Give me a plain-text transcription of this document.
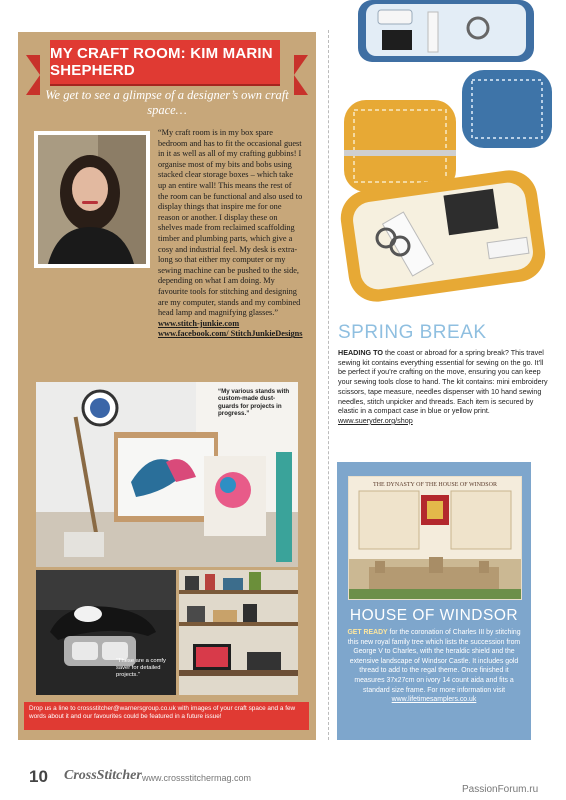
MY CRAFT ROOM: KIM MARIN SHEPHERD
We get to see a glimpse of a designer’s own craft space…
“My craft room is in my box spare bedroom and has to fit the occasional guest in it as well as all of my crafting gubbins! I organise most of my bits and bobs using stacked clear storage boxes – which take up an entire wall! This means the rest of the room can be functional and also used to display things that inspire me for one reason or another. I display these on shelves made from reclaimed scaffolding timber and plumbing parts, which give a cosy and industrial feel. My desk is extra-long so that either my computer or my sewing machine can be pushed to the side, depending on what I am doing. My favourite tools for stitching and designing are my computer, stands and my combined head lamp and magnifying glasses.”
www.stitch-junkie.com
www.facebook.com/ StitchJunkieDesigns
“My various stands with custom-made dust-guards for projects in progress.”
“These are a comfy saver for detailed projects.”
Drop us a line to crossstitcher@warnersgroup.co.uk with images of your craft space and a few words about it and our favourites could be featured in a future issue!
SPRING BREAK
HEADING TO the coast or abroad for a spring break? This travel sewing kit contains everything essential for sewing on the go. It’ll be perfect if you’re crafting on the move, ensuring you can keep your sewing tools close to hand. The kit contains: mini embroidery scissors, tape measure, needles dispenser with 10 hand sewing needles, stitch unpicker and threads. Each item is secured by elastic in a compact case in blue or yellow print.
www.sueryder.org/shop
THE DYNASTY OF THE HOUSE OF WINDSOR
HOUSE OF WINDSOR
GET READY for the coronation of Charles III by stitching this new royal family tree which lists the succession from George V to Charles, with the heraldic shield and the extensive landscape of Windsor Castle. It includes gold thread to add to the regal theme. Once finished it measures 37x27cm on ivory 14 count aida and fits a standard size frame. For more information visit
www.lifetimesamplers.co.uk
10 CrossStitcher www.crossstitchermag.com
PassionForum.ru
